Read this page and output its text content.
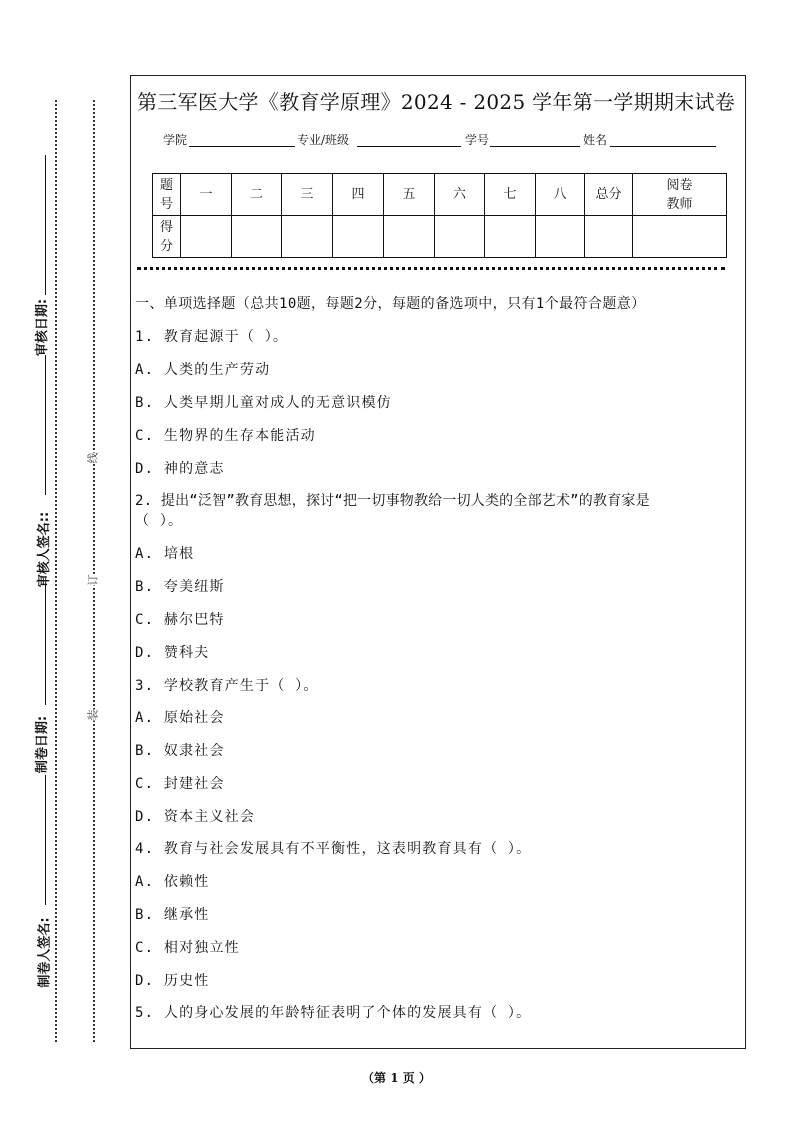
审核日期:
审核人签名::
制卷日期:
制卷人签名:
线
订
装
第三军医大学《教育学原理》2024 - 2025 学年第一学期期末试卷
学院	专业/班级	学号	姓名
题号	一	二	三	四	五	六	七	八	总分	阅卷教师
得分										
一、单项选择题（总共10题，每题2分，每题的备选项中，只有1个最符合题意）
1. 教育起源于（ ）。
A. 人类的生产劳动
B. 人类早期儿童对成人的无意识模仿
C. 生物界的生存本能活动
D. 神的意志
2. 提出“泛智”教育思想，探讨“把一切事物教给一切人类的全部艺术”的教育家是
（ ）。
A. 培根
B. 夸美纽斯
C. 赫尔巴特
D. 赞科夫
3. 学校教育产生于（ ）。
A. 原始社会
B. 奴隶社会
C. 封建社会
D. 资本主义社会
4. 教育与社会发展具有不平衡性，这表明教育具有（ ）。
A. 依赖性
B. 继承性
C. 相对独立性
D. 历史性
5. 人的身心发展的年龄特征表明了个体的发展具有（ ）。
（第 1 页 ）
